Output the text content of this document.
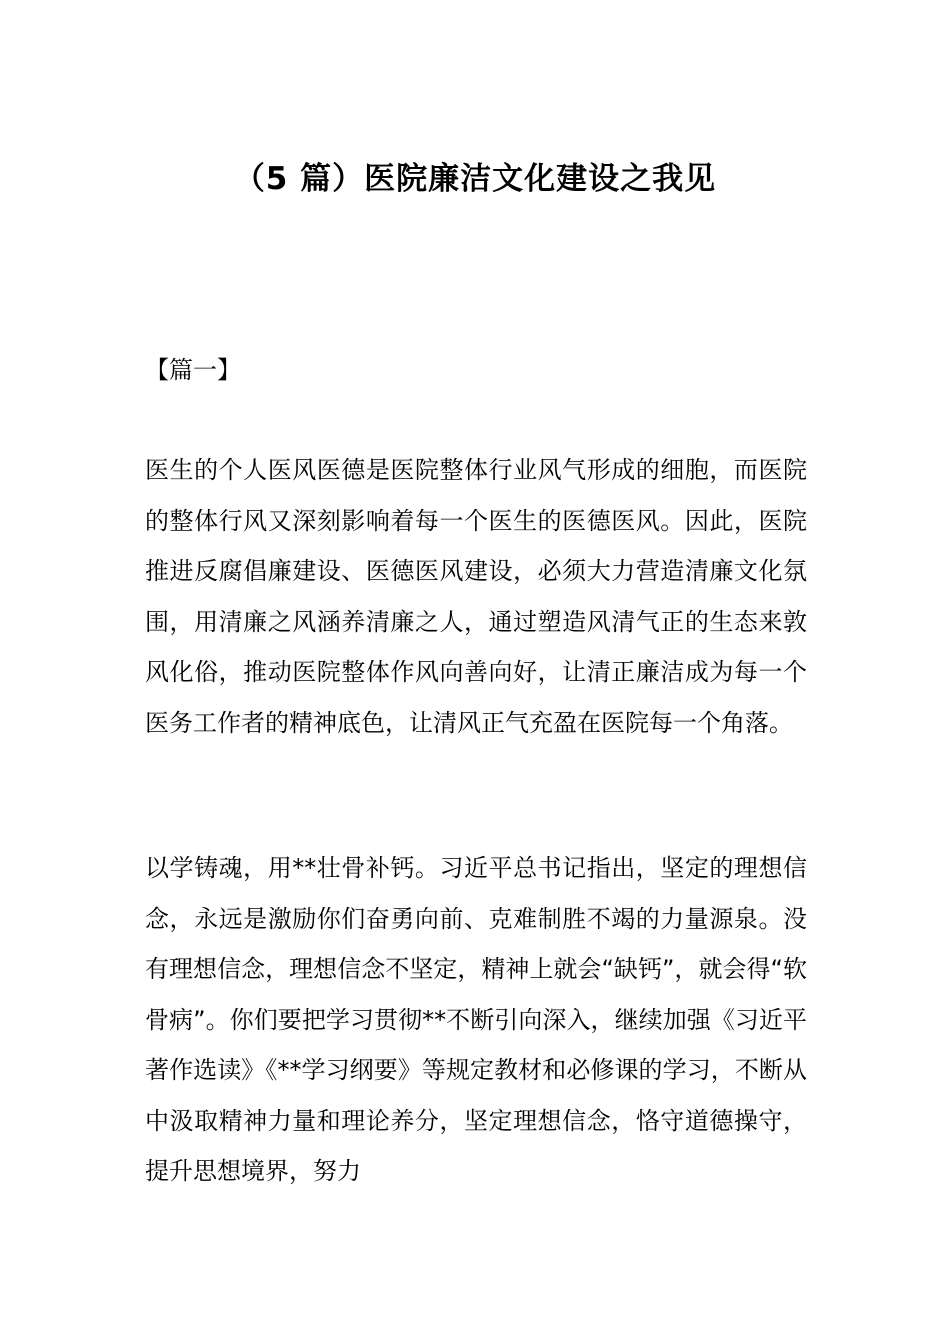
（5 篇）医院廉洁文化建设之我见

【篇一】

医生的个人医风医德是医院整体行业风气形成的细胞，而医院的整体行风又深刻影响着每一个医生的医德医风。因此，医院推进反腐倡廉建设、医德医风建设，必须大力营造清廉文化氛围，用清廉之风涵养清廉之人，通过塑造风清气正的生态来敦风化俗，推动医院整体作风向善向好，让清正廉洁成为每一个医务工作者的精神底色，让清风正气充盈在医院每一个角落。

以学铸魂，用**壮骨补钙。习近平总书记指出，坚定的理想信念，永远是激励你们奋勇向前、克难制胜不竭的力量源泉。没有理想信念，理想信念不坚定，精神上就会“缺钙”，就会得“软骨病”。你们要把学习贯彻**不断引向深入，继续加强《习近平著作选读》《**学习纲要》等规定教材和必修课的学习，不断从中汲取精神力量和理论养分，坚定理想信念，恪守道德操守，提升思想境界，努力
